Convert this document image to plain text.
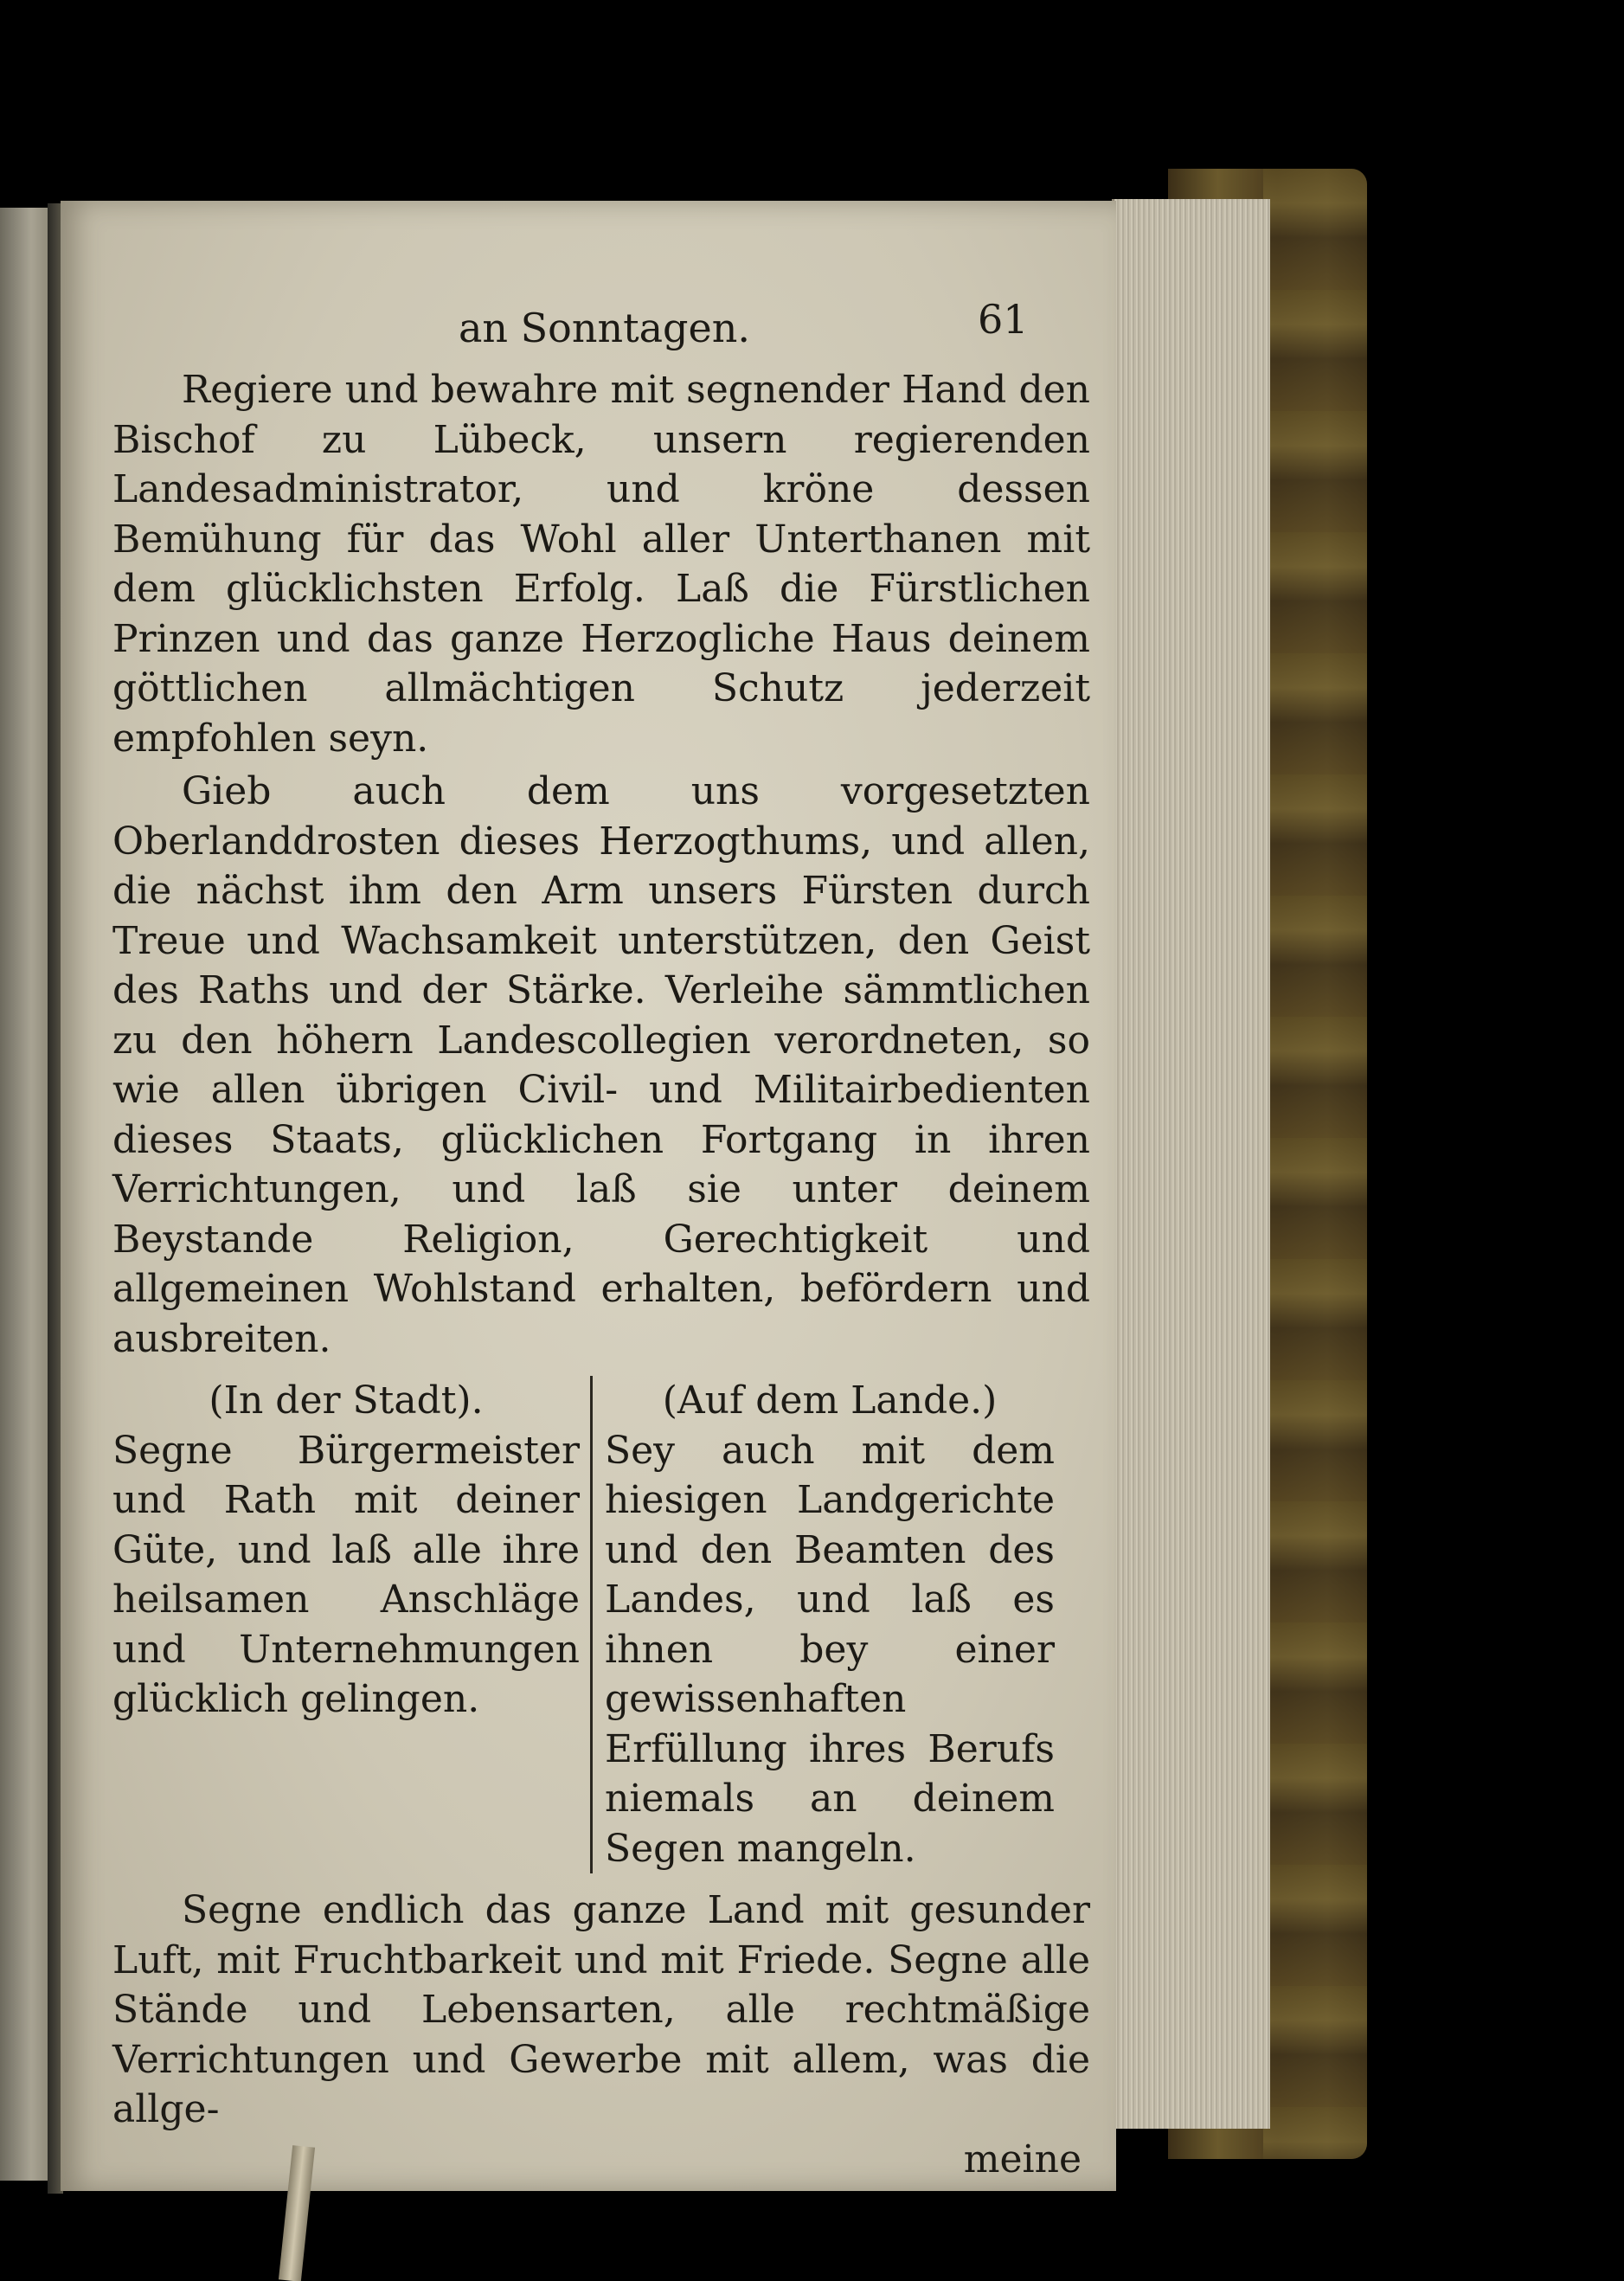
an Sonntagen.	61

Regiere und bewahre mit segnender Hand den Bischof zu Lübeck, unsern regierenden Landesadministrator, und kröne dessen Bemühung für das Wohl aller Unterthanen mit dem glücklichsten Erfolg. Laß die Fürstlichen Prinzen und das ganze Herzogliche Haus deinem göttlichen allmächtigen Schutz jederzeit empfohlen seyn.

Gieb auch dem uns vorgesetzten Oberlanddrosten dieses Herzogthums, und allen, die nächst ihm den Arm unsers Fürsten durch Treue und Wachsamkeit unterstützen, den Geist des Raths und der Stärke. Verleihe sämmtlichen zu den höhern Landescollegien verordneten, so wie allen übrigen Civil- und Militairbedienten dieses Staats, glücklichen Fortgang in ihren Verrichtungen, und laß sie unter deinem Beystande Religion, Gerechtigkeit und allgemeinen Wohlstand erhalten, befördern und ausbreiten.

(In der Stadt).
Segne Bürgermeister und Rath mit deiner Güte, und laß alle ihre heilsamen Anschläge und Unternehmungen glücklich gelingen.
(Auf dem Lande.)
Sey auch mit dem hiesigen Landgerichte und den Beamten des Landes, und laß es ihnen bey einer gewissenhaften Erfüllung ihres Berufs niemals an deinem Segen mangeln.

Segne endlich das ganze Land mit gesunder Luft, mit Fruchtbarkeit und mit Friede. Segne alle Stände und Lebensarten, alle rechtmäßige Verrichtungen und Gewerbe mit allem, was die allge-

meine
